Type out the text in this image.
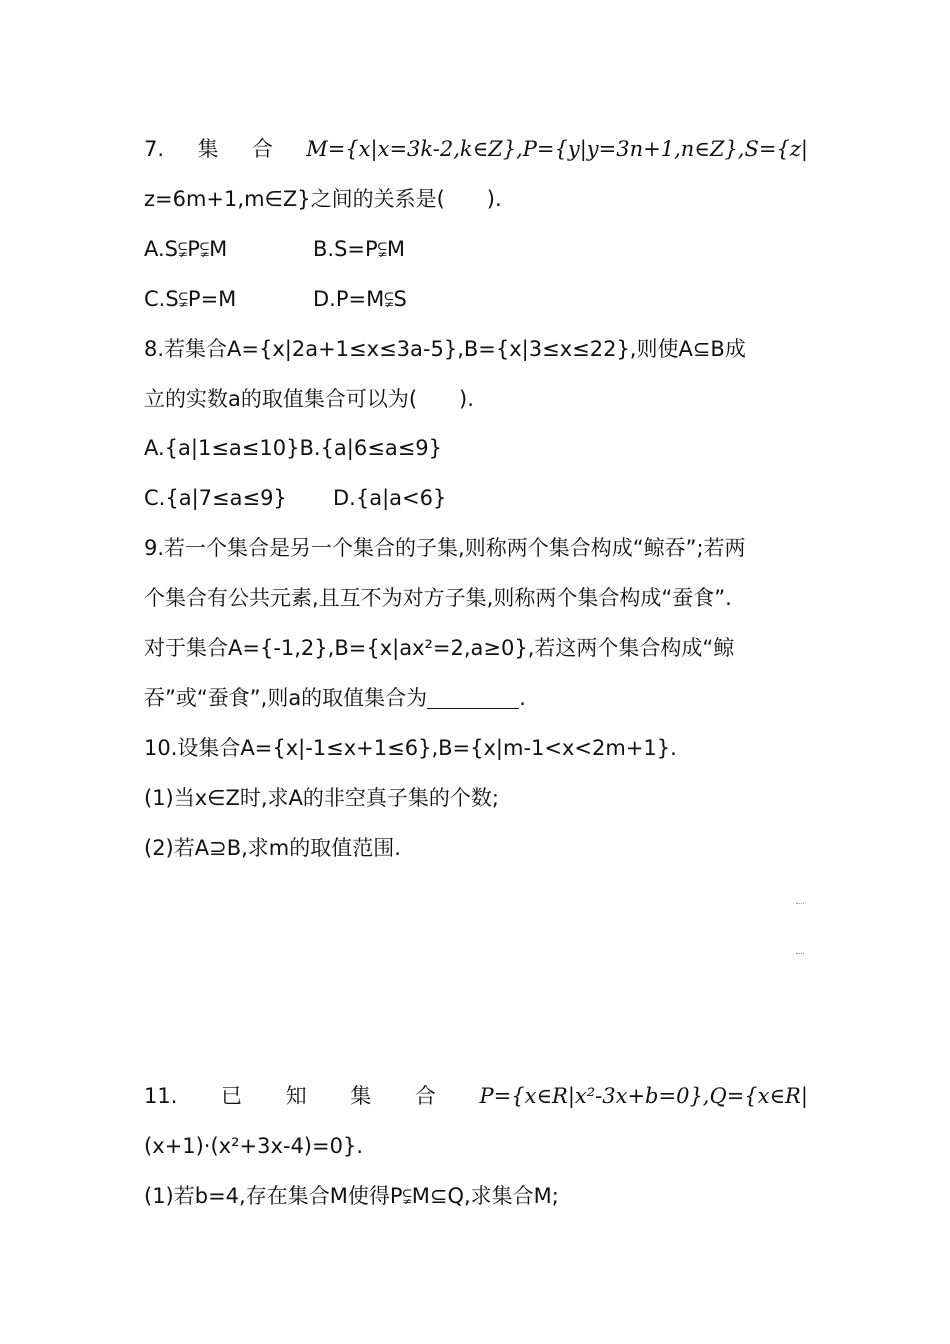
7. 集 合 M={x|x=3k-2,k∈Z},P={y|y=3n+1,n∈Z},S={z|
z=6m+1,m∈Z}之间的关系是(　　).
A.S⫋P⫋M	B.S=P⫋M
C.S⫋P=M	D.P=M⫋S
8.若集合A={x|2a+1≤x≤3a-5},B={x|3≤x≤22},则使A⊆B成
立的实数a的取值集合可以为(　　).
A.{a|1≤a≤10}B.{a|6≤a≤9}
C.{a|7≤a≤9} D.{a|a<6}
9.若一个集合是另一个集合的子集,则称两个集合构成“鲸吞”;若两
个集合有公共元素,且互不为对方子集,则称两个集合构成“蚕食”.
对于集合A={-1,2},B={x|ax²=2,a≥0},若这两个集合构成“鲸
吞”或“蚕食”,则a的取值集合为	.
10.设集合A={x|-1≤x+1≤6},B={x|m-1<x<2m+1}.
(1)当x∈Z时,求A的非空真子集的个数;
(2)若A⊇B,求m的取值范围.
11. 已 知 集 合 P={x∈R|x²-3x+b=0},Q={x∈R|
(x+1)·(x²+3x-4)=0}.
(1)若b=4,存在集合M使得P⫋M⊆Q,求集合M;
